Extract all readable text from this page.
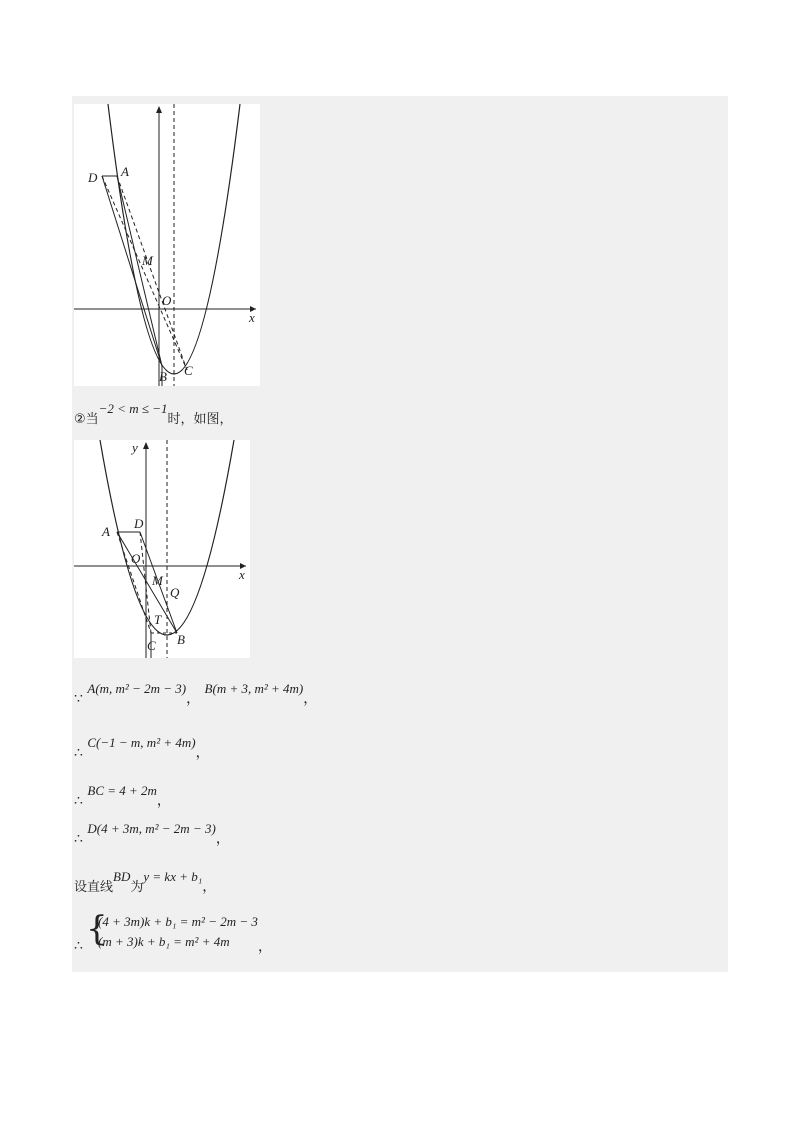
D A
M
O
x
B C
②当−2 < m ≤ −1时，如图，
y
A
D
O
x
M
Q
T
C B
∵ A(m, m² − 2m − 3)， B(m + 3, m² + 4m)，
∴ C(−1 − m, m² + 4m)，
∴ BC = 4 + 2m，
∴ D(4 + 3m, m² − 2m − 3)，
设直线BD为y = kx + b₁，
∴ {
(4 + 3m)k + b₁ = m² − 2m − 3
(m + 3)k + b₁ = m² + 4m ，
